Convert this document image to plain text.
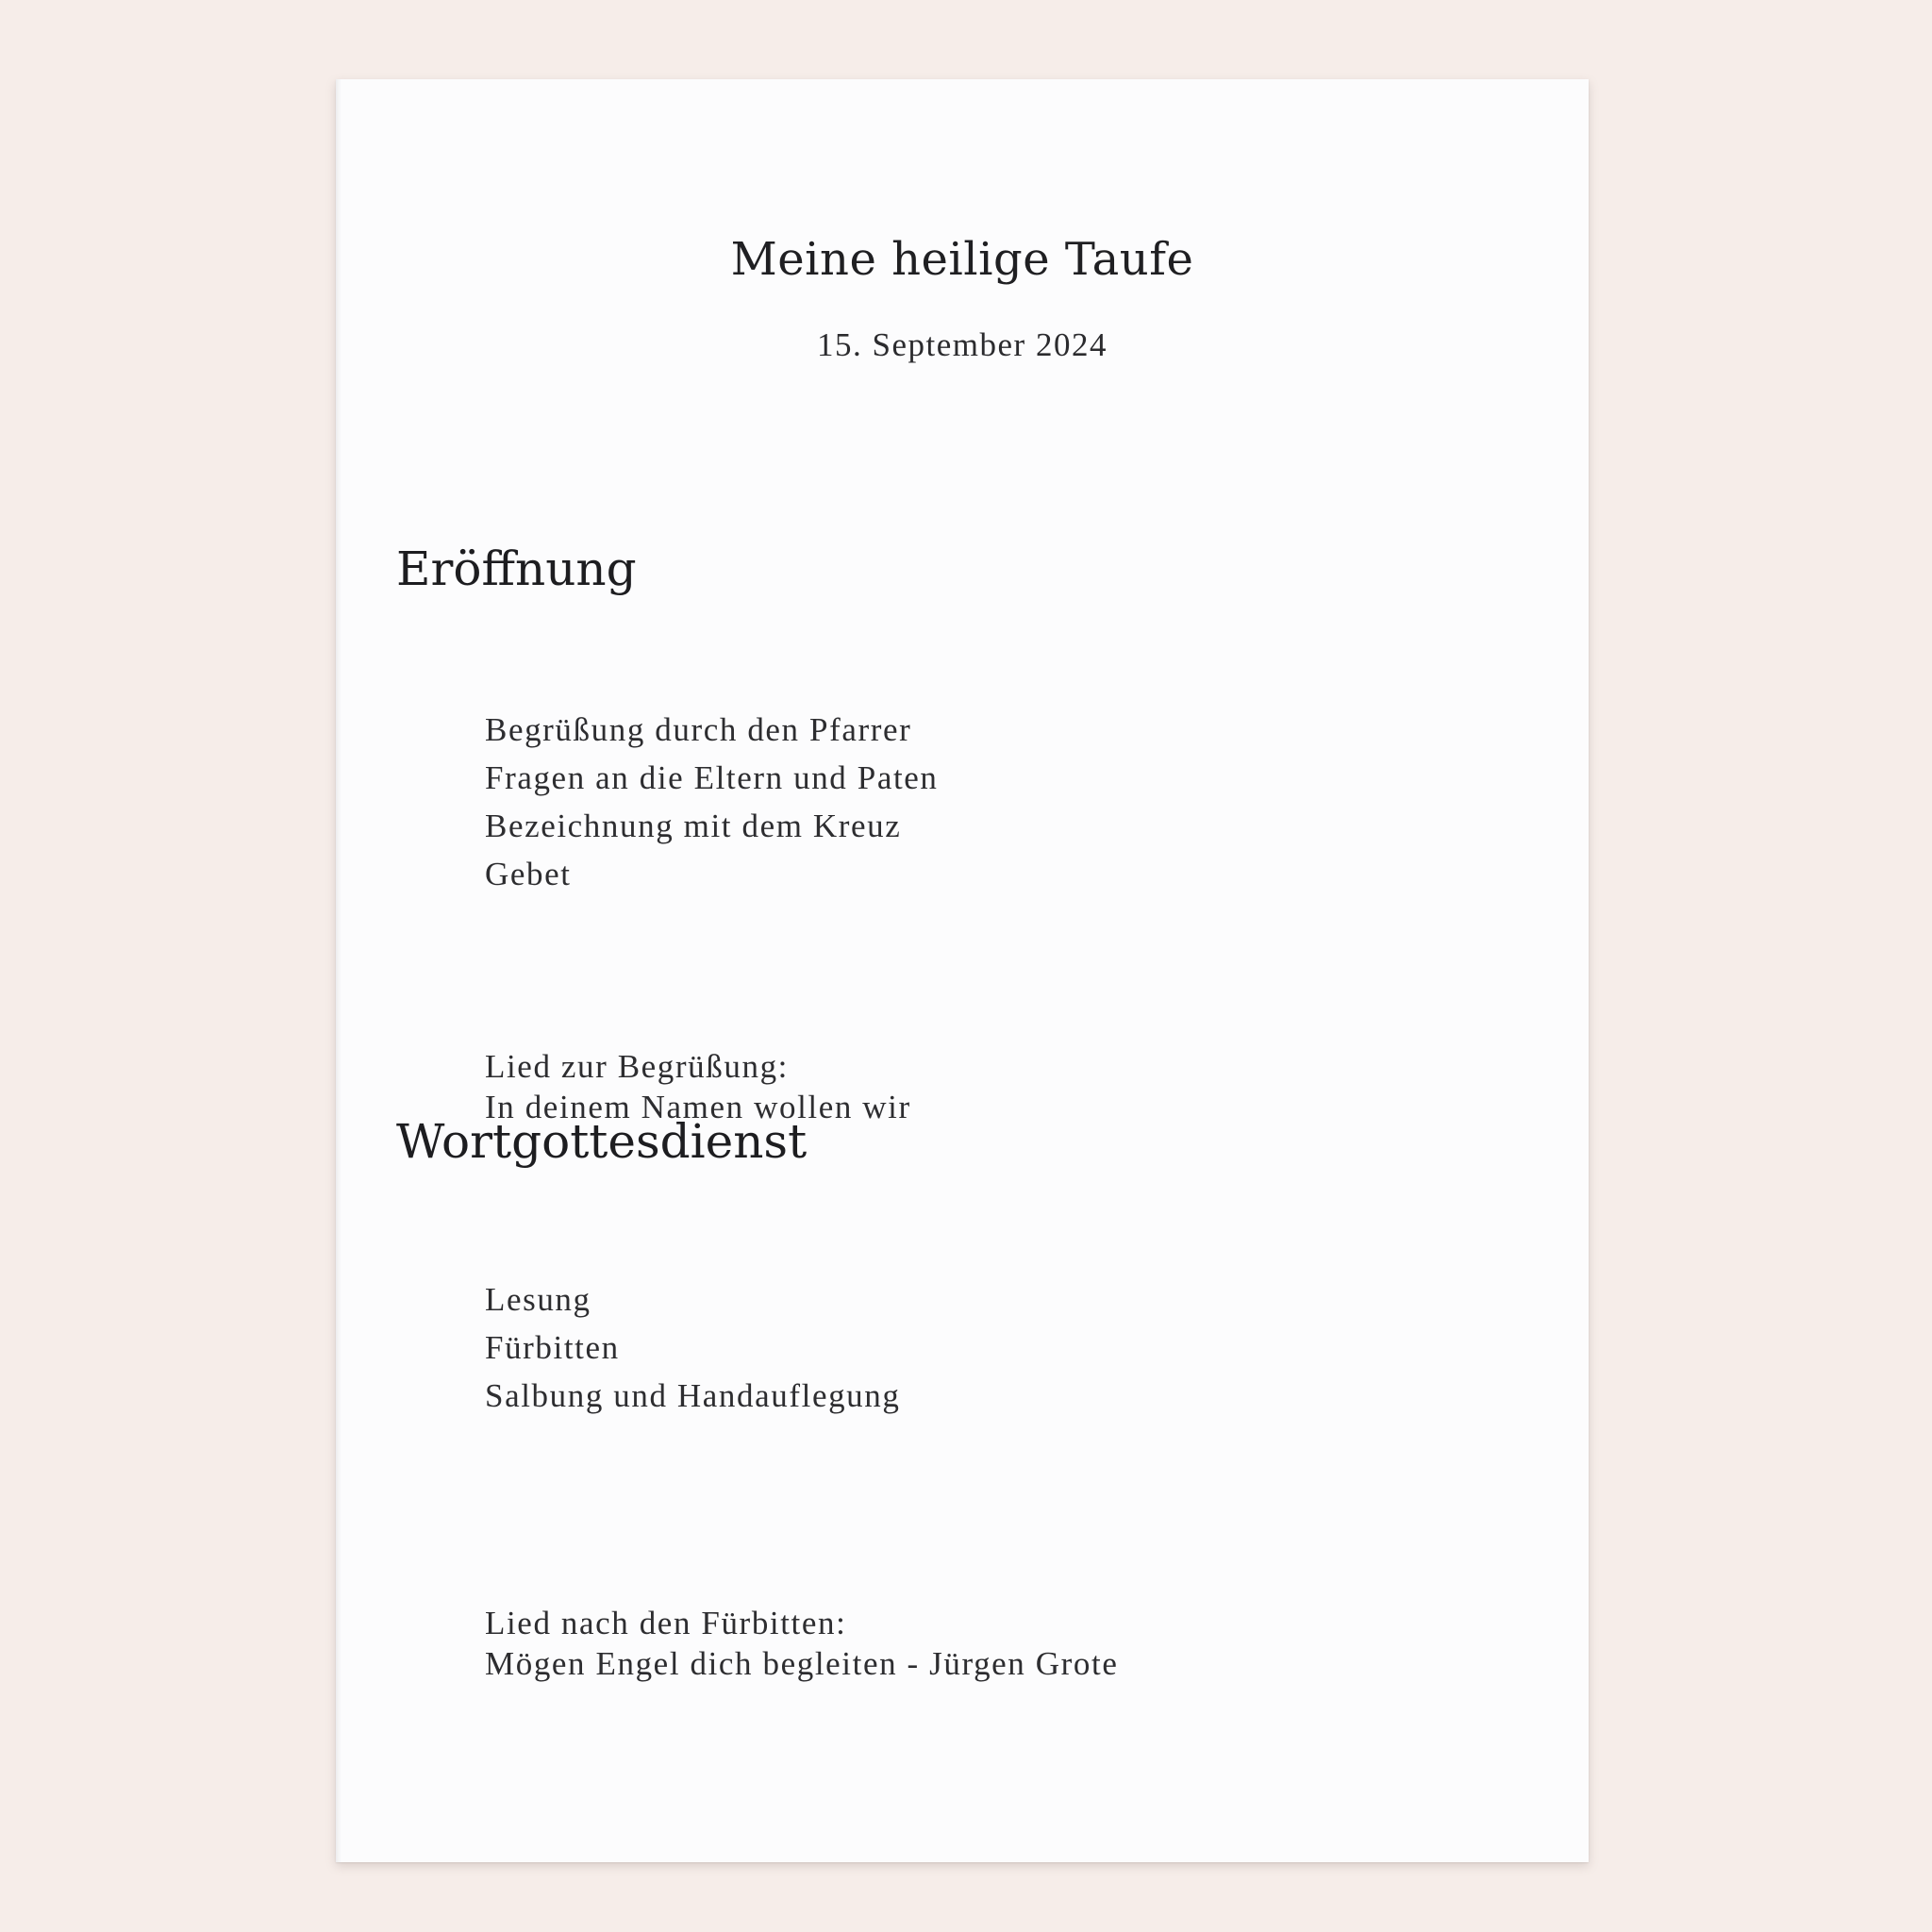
Meine heilige Taufe
15. September 2024
Eröffnung
Begrüßung durch den Pfarrer
Fragen an die Eltern und Paten
Bezeichnung mit dem Kreuz
Gebet
Lied zur Begrüßung:
In deinem Namen wollen wir
Wortgottesdienst
Lesung
Fürbitten
Salbung und Handauflegung
Lied nach den Fürbitten:
Mögen Engel dich begleiten - Jürgen Grote
